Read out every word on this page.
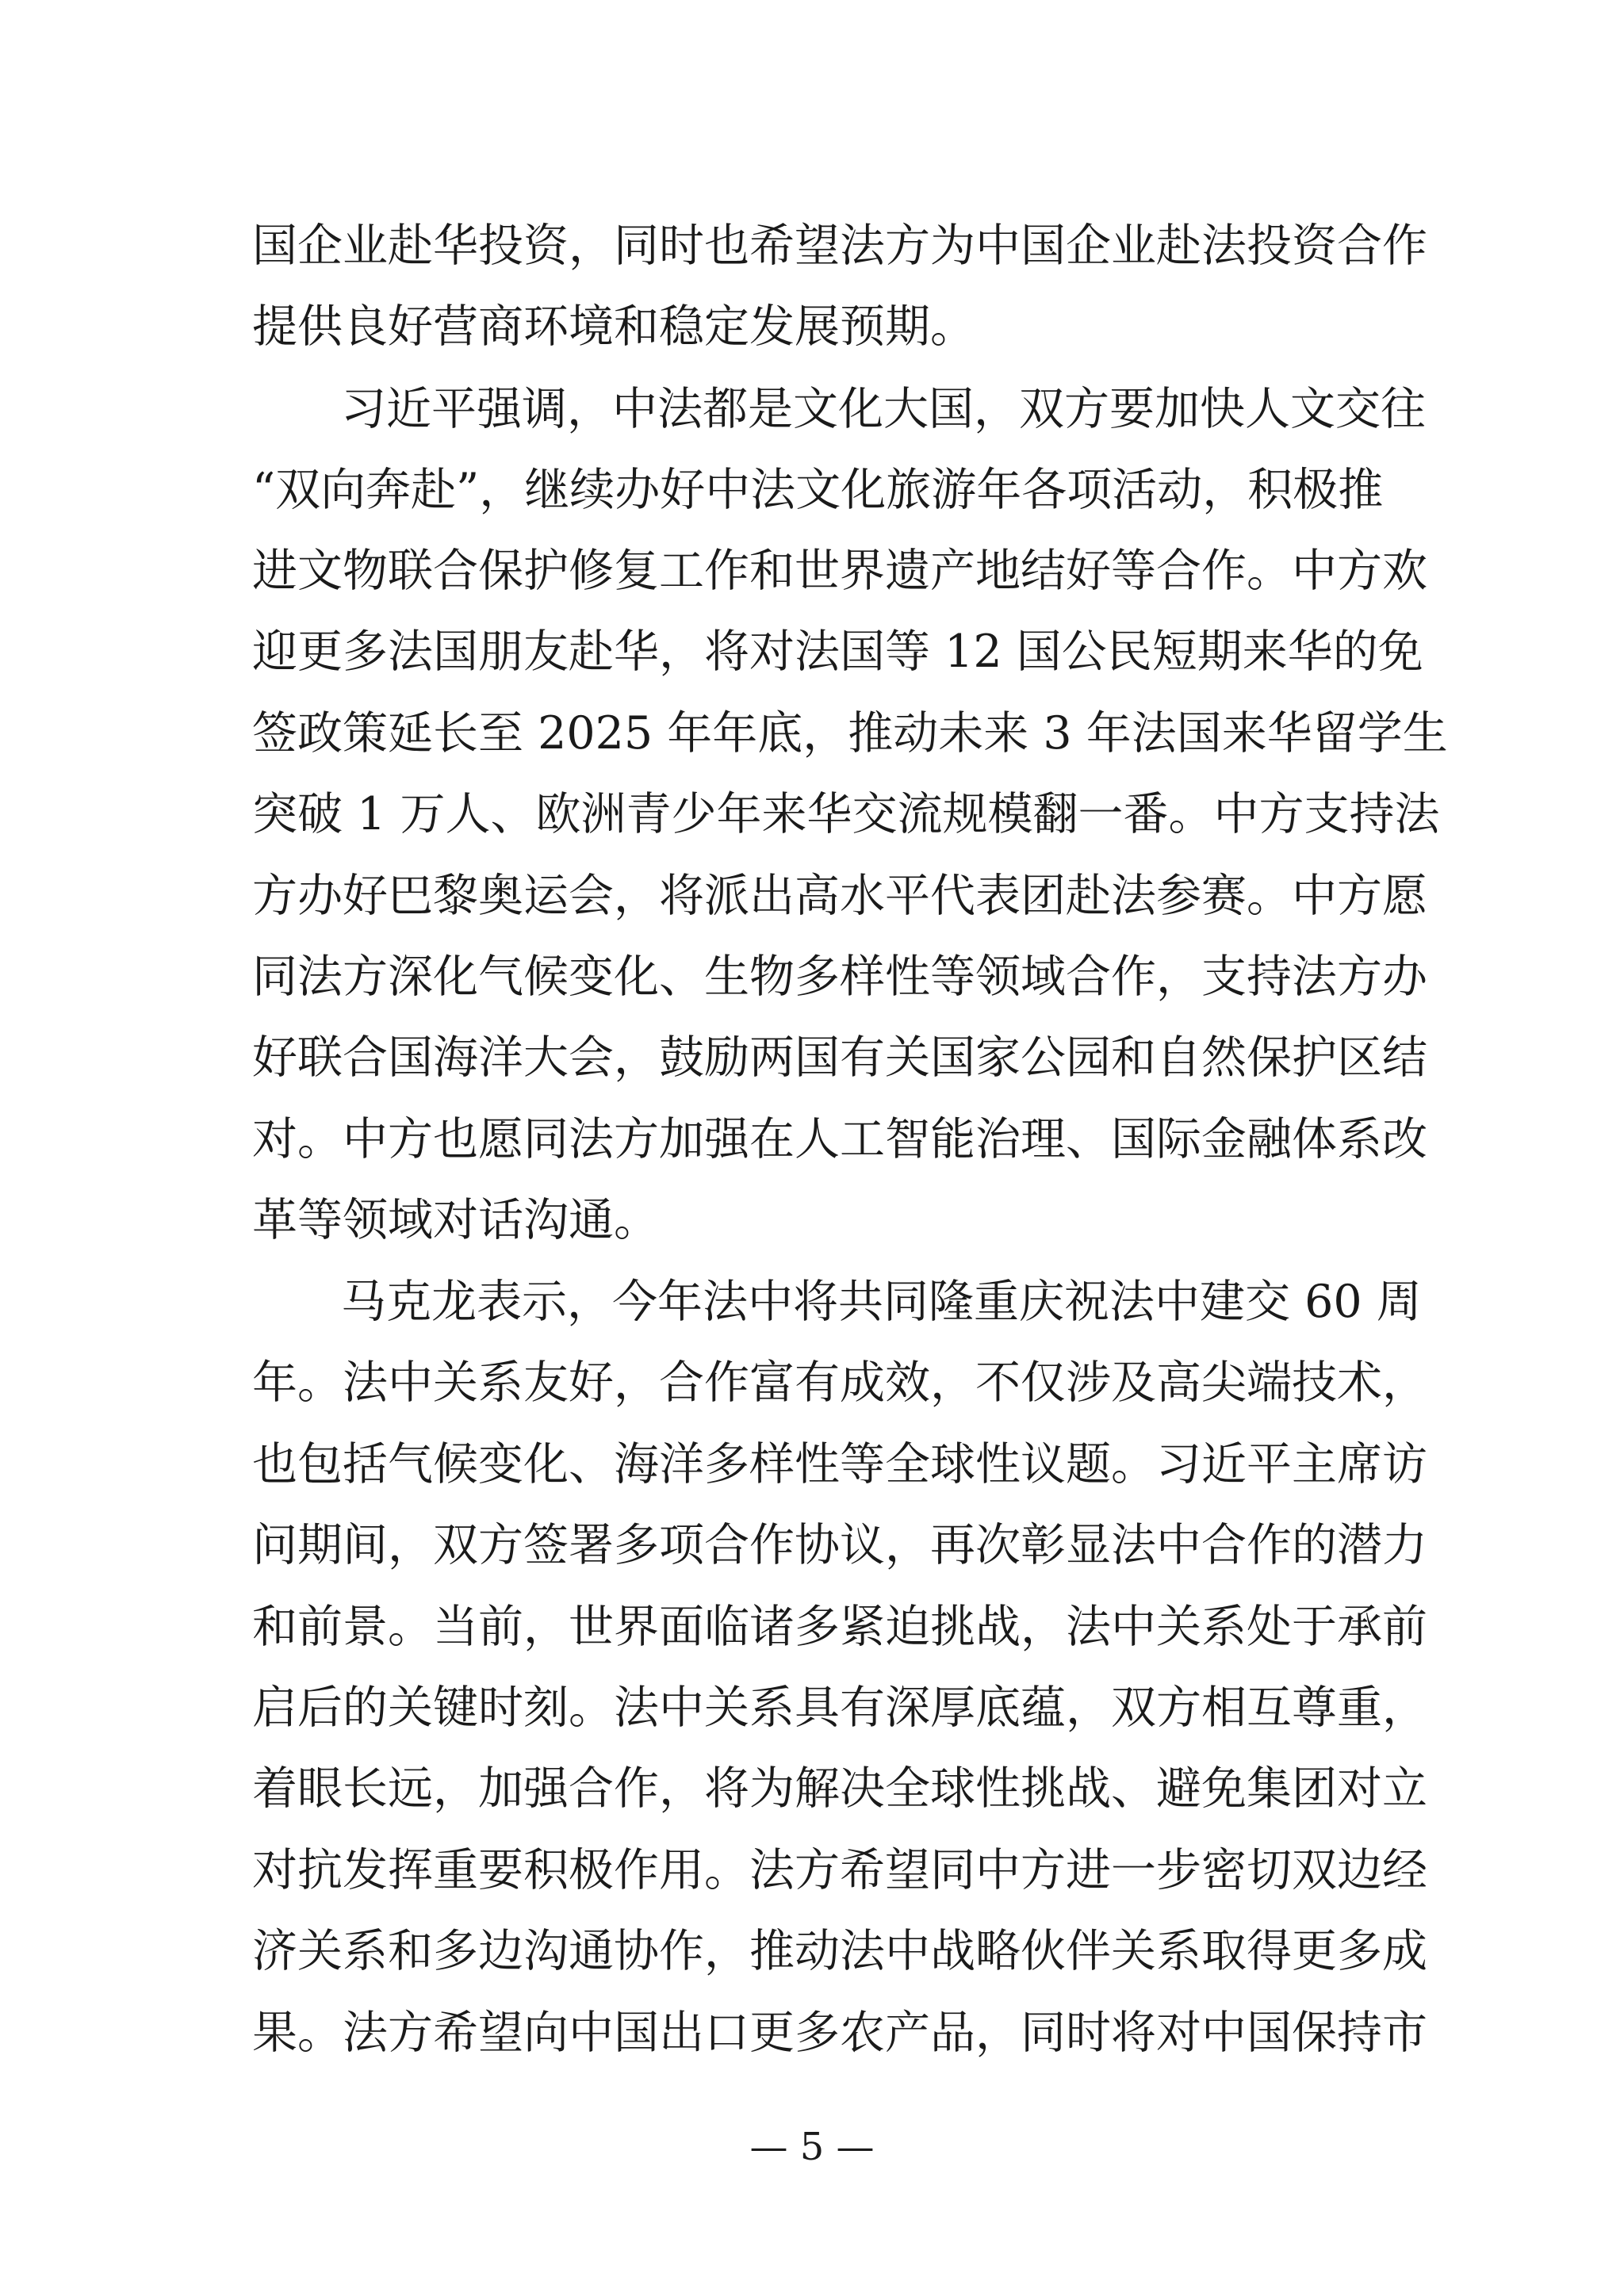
国企业赴华投资，同时也希望法方为中国企业赴法投资合作
提供良好营商环境和稳定发展预期。
习近平强调，中法都是文化大国，双方要加快人文交往
“双向奔赴”，继续办好中法文化旅游年各项活动，积极推
进文物联合保护修复工作和世界遗产地结好等合作。中方欢
迎更多法国朋友赴华，将对法国等 12 国公民短期来华的免
签政策延长至 2025 年年底，推动未来 3 年法国来华留学生
突破 1 万人、欧洲青少年来华交流规模翻一番。中方支持法
方办好巴黎奥运会，将派出高水平代表团赴法参赛。中方愿
同法方深化气候变化、生物多样性等领域合作，支持法方办
好联合国海洋大会，鼓励两国有关国家公园和自然保护区结
对。中方也愿同法方加强在人工智能治理、国际金融体系改
革等领域对话沟通。
马克龙表示，今年法中将共同隆重庆祝法中建交 60 周
年。法中关系友好，合作富有成效，不仅涉及高尖端技术，
也包括气候变化、海洋多样性等全球性议题。习近平主席访
问期间，双方签署多项合作协议，再次彰显法中合作的潜力
和前景。当前，世界面临诸多紧迫挑战，法中关系处于承前
启后的关键时刻。法中关系具有深厚底蕴，双方相互尊重，
着眼长远，加强合作，将为解决全球性挑战、避免集团对立
对抗发挥重要积极作用。法方希望同中方进一步密切双边经
济关系和多边沟通协作，推动法中战略伙伴关系取得更多成
果。法方希望向中国出口更多农产品，同时将对中国保持市
— 5 —
